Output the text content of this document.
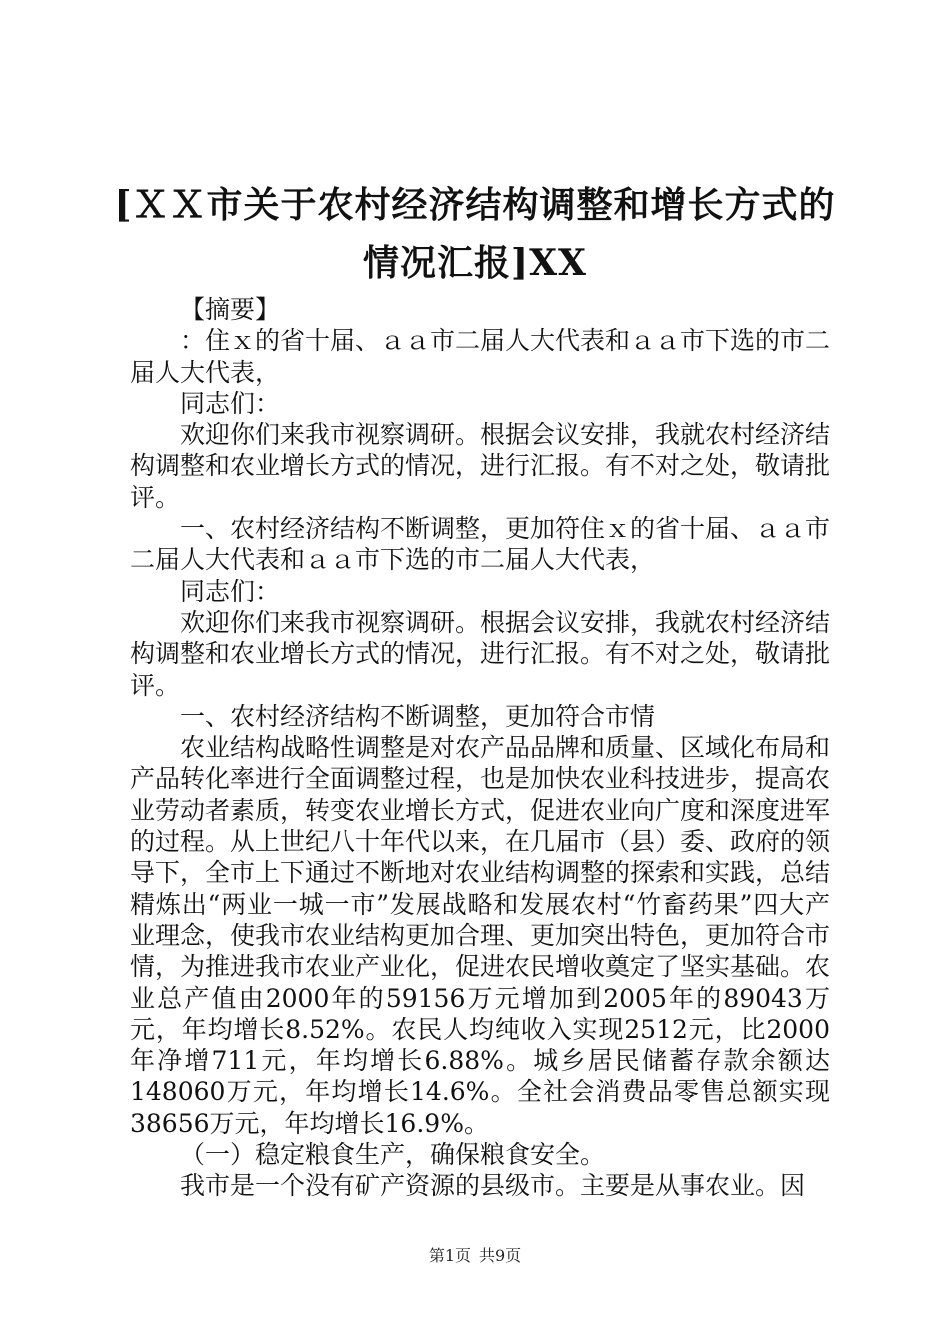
[ＸＸ市关于农村经济结构调整和增长方式的情况汇报]XX

【摘要】

：住ｘ的省十届、ａａ市二届人大代表和ａａ市下选的市二届人大代表，

同志们：

欢迎你们来我市视察调研。根据会议安排，我就农村经济结构调整和农业增长方式的情况，进行汇报。有不对之处，敬请批评。

一、农村经济结构不断调整，更加符住ｘ的省十届、ａａ市二届人大代表和ａａ市下选的市二届人大代表，

同志们：

欢迎你们来我市视察调研。根据会议安排，我就农村经济结构调整和农业增长方式的情况，进行汇报。有不对之处，敬请批评。

一、农村经济结构不断调整，更加符合市情

农业结构战略性调整是对农产品品牌和质量、区域化布局和产品转化率进行全面调整过程，也是加快农业科技进步，提高农业劳动者素质，转变农业增长方式，促进农业向广度和深度进军的过程。从上世纪八十年代以来，在几届市（县）委、政府的领导下，全市上下通过不断地对农业结构调整的探索和实践，总结精炼出“两业一城一市”发展战略和发展农村“竹畜药果”四大产业理念，使我市农业结构更加合理、更加突出特色，更加符合市情，为推进我市农业产业化，促进农民增收奠定了坚实基础。农业总产值由2000年的59156万元增加到2005年的89043万元，年均增长8.52%。农民人均纯收入实现2512元，比2000年净增711元，年均增长6.88%。城乡居民储蓄存款余额达148060万元，年均增长14.6%。全社会消费品零售总额实现38656万元，年均增长16.9%。

（一）稳定粮食生产，确保粮食安全。

我市是一个没有矿产资源的县级市。主要是从事农业。因

第1页 共9页
